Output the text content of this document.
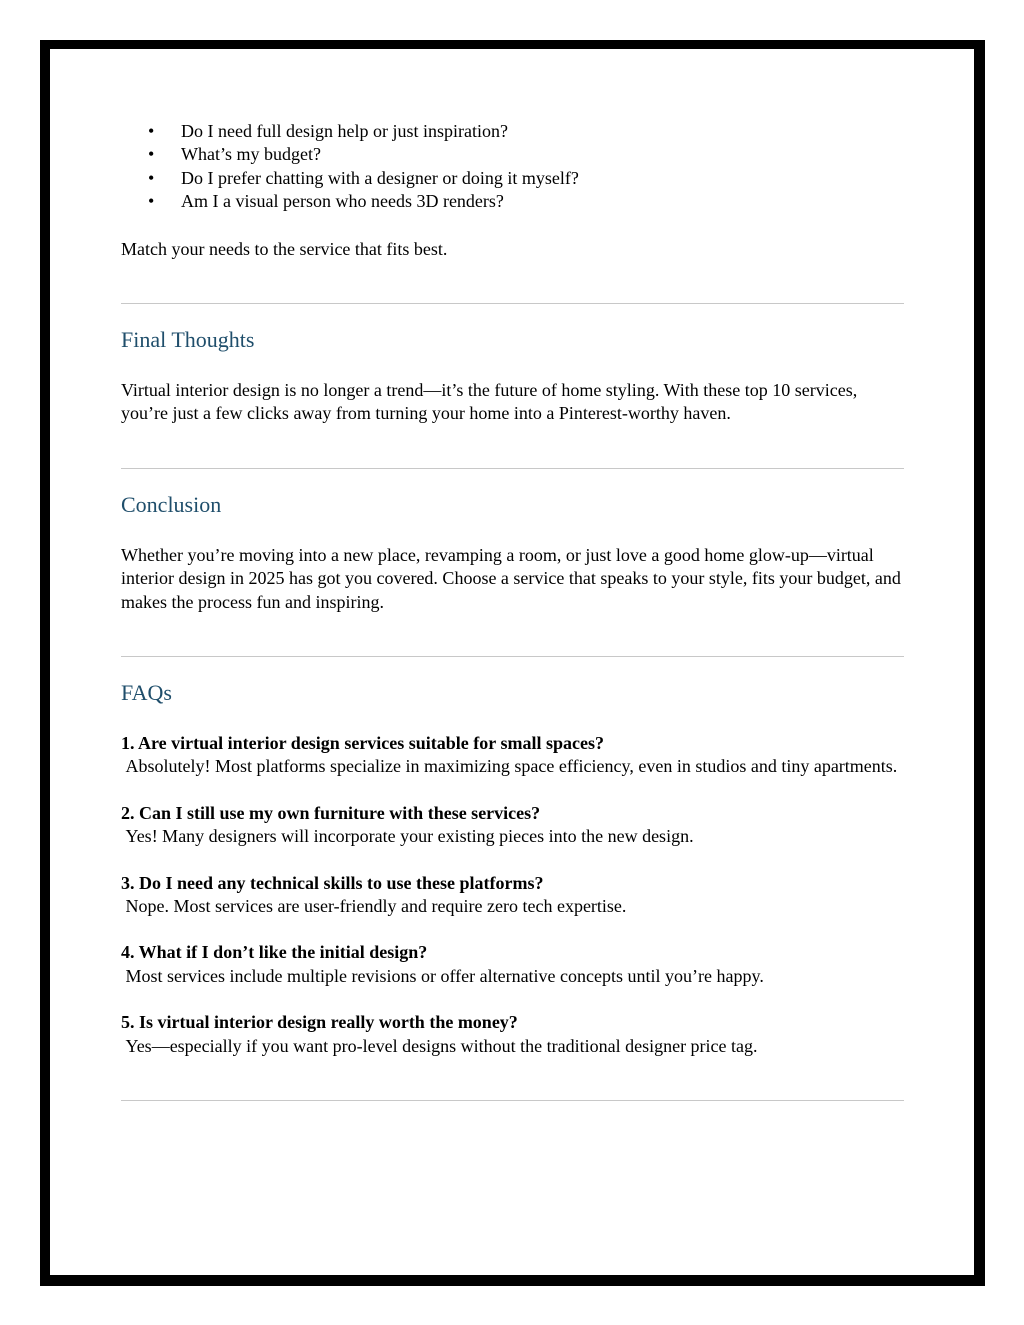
• Do I need full design help or just inspiration?
• What’s my budget?
• Do I prefer chatting with a designer or doing it myself?
• Am I a visual person who needs 3D renders?

Match your needs to the service that fits best.

Final Thoughts

Virtual interior design is no longer a trend—it’s the future of home styling. With these top 10 services, you’re just a few clicks away from turning your home into a Pinterest-worthy haven.

Conclusion

Whether you’re moving into a new place, revamping a room, or just love a good home glow-up—virtual interior design in 2025 has got you covered. Choose a service that speaks to your style, fits your budget, and makes the process fun and inspiring.

FAQs

1. Are virtual interior design services suitable for small spaces?

Absolutely! Most platforms specialize in maximizing space efficiency, even in studios and tiny apartments.

2. Can I still use my own furniture with these services?

Yes! Many designers will incorporate your existing pieces into the new design.

3. Do I need any technical skills to use these platforms?

Nope. Most services are user-friendly and require zero tech expertise.

4. What if I don’t like the initial design?

Most services include multiple revisions or offer alternative concepts until you’re happy.

5. Is virtual interior design really worth the money?

Yes—especially if you want pro-level designs without the traditional designer price tag.
